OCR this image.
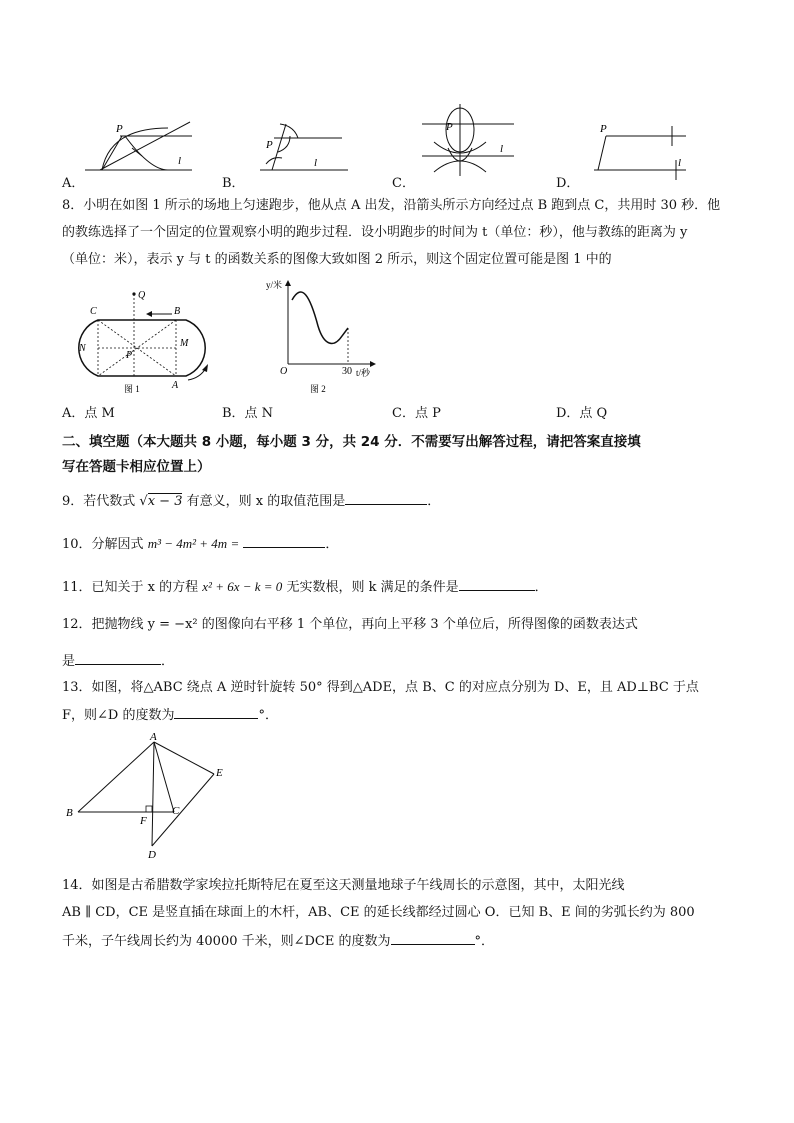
P
l
P
l
P
l
P
l
A．	B．	C．	D．
8．小明在如图 1 所示的场地上匀速跑步，他从点 A 出发，沿箭头所示方向经过点 B 跑到点 C，共用时 30 秒．他
的教练选择了一个固定的位置观察小明的跑步过程．设小明跑步的时间为 t（单位：秒），他与教练的距离为 y
（单位：米），表示 y 与 t 的函数关系的图像大致如图 2 所示，则这个固定位置可能是图 1 中的
C
Q
B
N
P
M
A
图 1
y/米
t/秒
O	30
图 2
A．点 M	B．点 N	C．点 P	D．点 Q
二、填空题（本大题共 8 小题，每小题 3 分，共 24 分．不需要写出解答过程，请把答案直接填
写在答题卡相应位置上）
9．若代数式 √x − 3 有意义，则 x 的取值范围是	．
10．分解因式 m³ − 4m² + 4m =	．
11．已知关于 x 的方程 x² + 6x − k = 0 无实数根，则 k 满足的条件是	．
12．把抛物线 y = −x² 的图像向右平移 1 个单位，再向上平移 3 个单位后，所得图像的函数表达式
是	．
13．如图，将△ABC 绕点 A 逆时针旋转 50° 得到△ADE，点 B、C 的对应点分别为 D、E，且 AD⊥BC 于点
F，则∠D 的度数为	°．
A
B	C
D
E
F
14．如图是古希腊数学家埃拉托斯特尼在夏至这天测量地球子午线周长的示意图，其中，太阳光线
AB ∥ CD，CE 是竖直插在球面上的木杆，AB、CE 的延长线都经过圆心 O．已知 B、E 间的劣弧长约为 800
千米，子午线周长约为 40000 千米，则∠DCE 的度数为	°．
